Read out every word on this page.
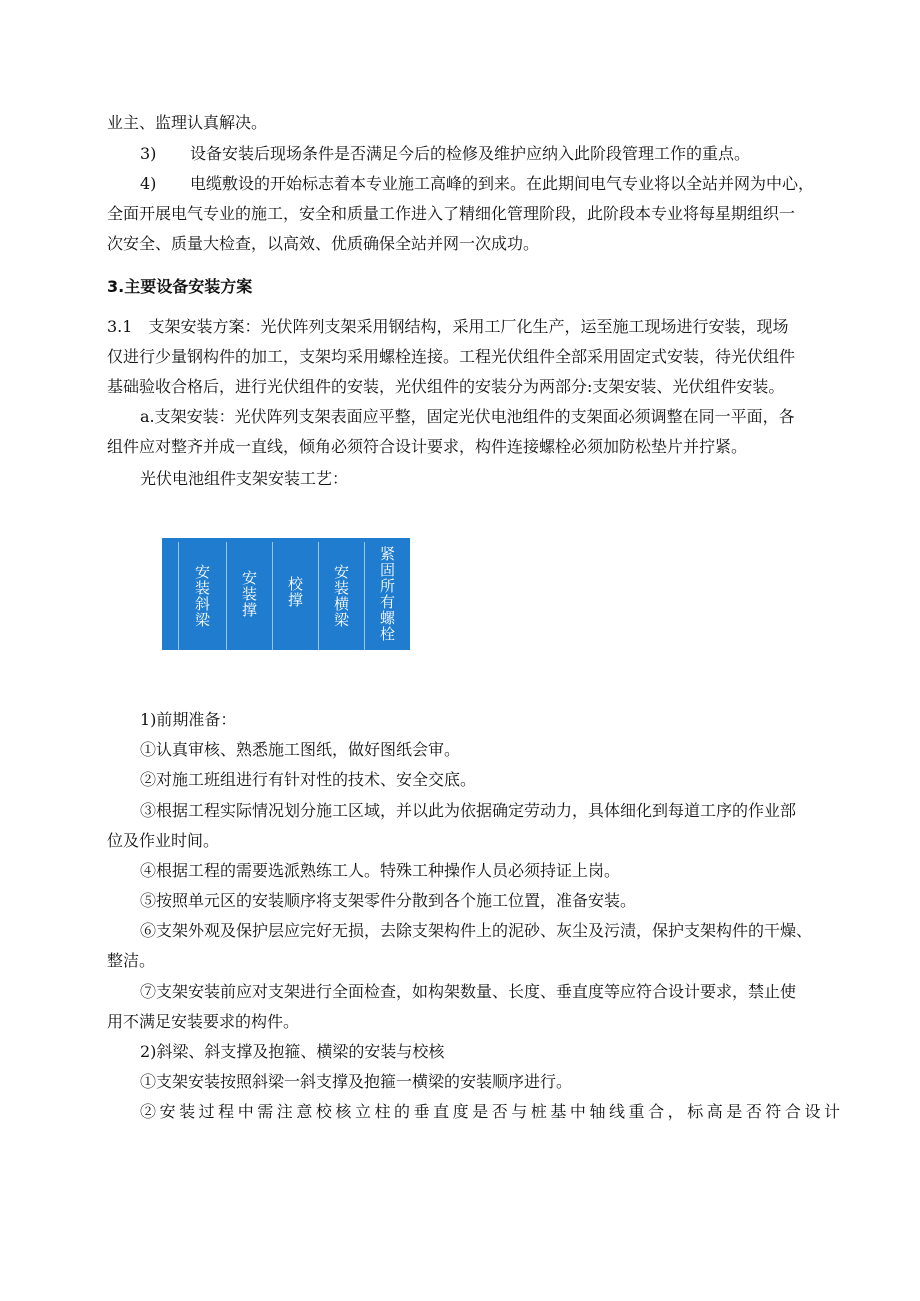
业主、监理认真解决。
3) 设备安装后现场条件是否满足今后的检修及维护应纳入此阶段管理工作的重点。
4) 电缆敷设的开始标志着本专业施工高峰的到来。在此期间电气专业将以全站并网为中心，
全面开展电气专业的施工，安全和质量工作进入了精细化管理阶段，此阶段本专业将每星期组织一
次安全、质量大检查，以高效、优质确保全站并网一次成功。
3.主要设备安装方案
3.1　支架安装方案：光伏阵列支架采用钢结构，采用工厂化生产，运至施工现场进行安装，现场
仅进行少量钢构件的加工，支架均采用螺栓连接。工程光伏组件全部采用固定式安装，待光伏组件
基础验收合格后，进行光伏组件的安装，光伏组件的安装分为两部分:支架安装、光伏组件安装。
a.支架安装：光伏阵列支架表面应平整，固定光伏电池组件的支架面必须调整在同一平面，各
组件应对整齐并成一直线，倾角必须符合设计要求，构件连接螺栓必须加防松垫片并拧紧。
光伏电池组件支架安装工艺：
安装斜梁 安装撑 校撑 安装横梁 紧固所有螺栓
1)前期准备：
①认真审核、熟悉施工图纸，做好图纸会审。
②对施工班组进行有针对性的技术、安全交底。
③根据工程实际情况划分施工区域，并以此为依据确定劳动力，具体细化到每道工序的作业部
位及作业时间。
④根据工程的需要选派熟练工人。特殊工种操作人员必须持证上岗。
⑤按照单元区的安装顺序将支架零件分散到各个施工位置，准备安装。
⑥支架外观及保护层应完好无损，去除支架构件上的泥砂、灰尘及污渍，保护支架构件的干燥、
整洁。
⑦支架安装前应对支架进行全面检查，如构架数量、长度、垂直度等应符合设计要求，禁止使
用不满足安装要求的构件。
2)斜梁、斜支撑及抱箍、横梁的安装与校核
①支架安装按照斜梁一斜支撑及抱箍一横梁的安装顺序进行。
②安装过程中需注意校核立柱的垂直度是否与桩基中轴线重合，标高是否符合设计
